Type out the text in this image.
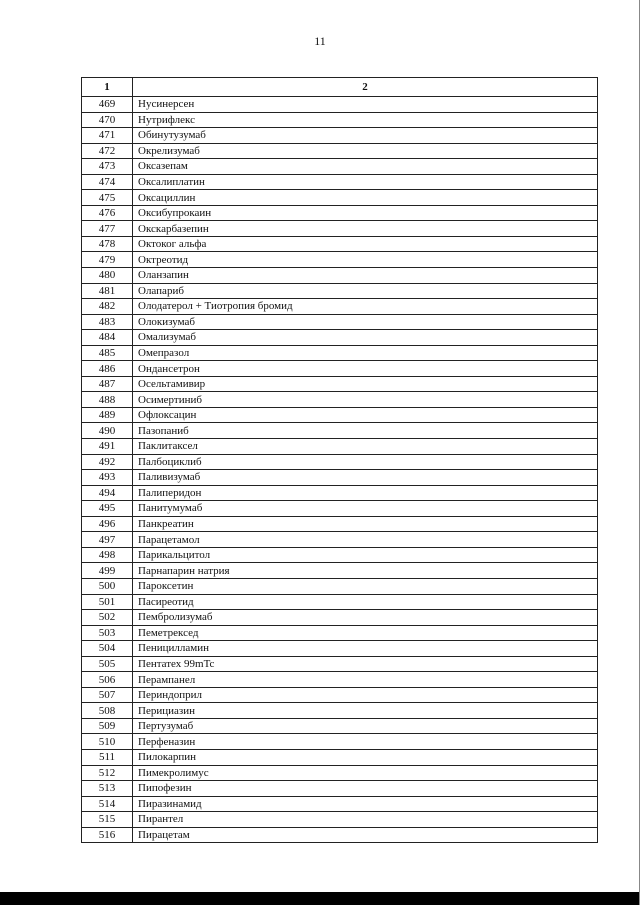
11
1	2
469	Нусинерсен
470	Нутрифлекс
471	Обинутузумаб
472	Окрелизумаб
473	Оксазепам
474	Оксалиплатин
475	Оксациллин
476	Оксибупрокаин
477	Окскарбазепин
478	Октоког альфа
479	Октреотид
480	Оланзапин
481	Олапариб
482	Олодатерол + Тиотропия бромид
483	Олокизумаб
484	Омализумаб
485	Омепразол
486	Ондансетрон
487	Осельтамивир
488	Осимертиниб
489	Офлоксацин
490	Пазопаниб
491	Паклитаксел
492	Палбоциклиб
493	Паливизумаб
494	Палиперидон
495	Панитумумаб
496	Панкреатин
497	Парацетамол
498	Парикальцитол
499	Парнапарин натрия
500	Пароксетин
501	Пасиреотид
502	Пембролизумаб
503	Пеметрексед
504	Пеницилламин
505	Пентатех 99mTc
506	Перампанел
507	Периндоприл
508	Перициазин
509	Пертузумаб
510	Перфеназин
511	Пилокарпин
512	Пимекролимус
513	Пипофезин
514	Пиразинамид
515	Пирантел
516	Пирацетам
